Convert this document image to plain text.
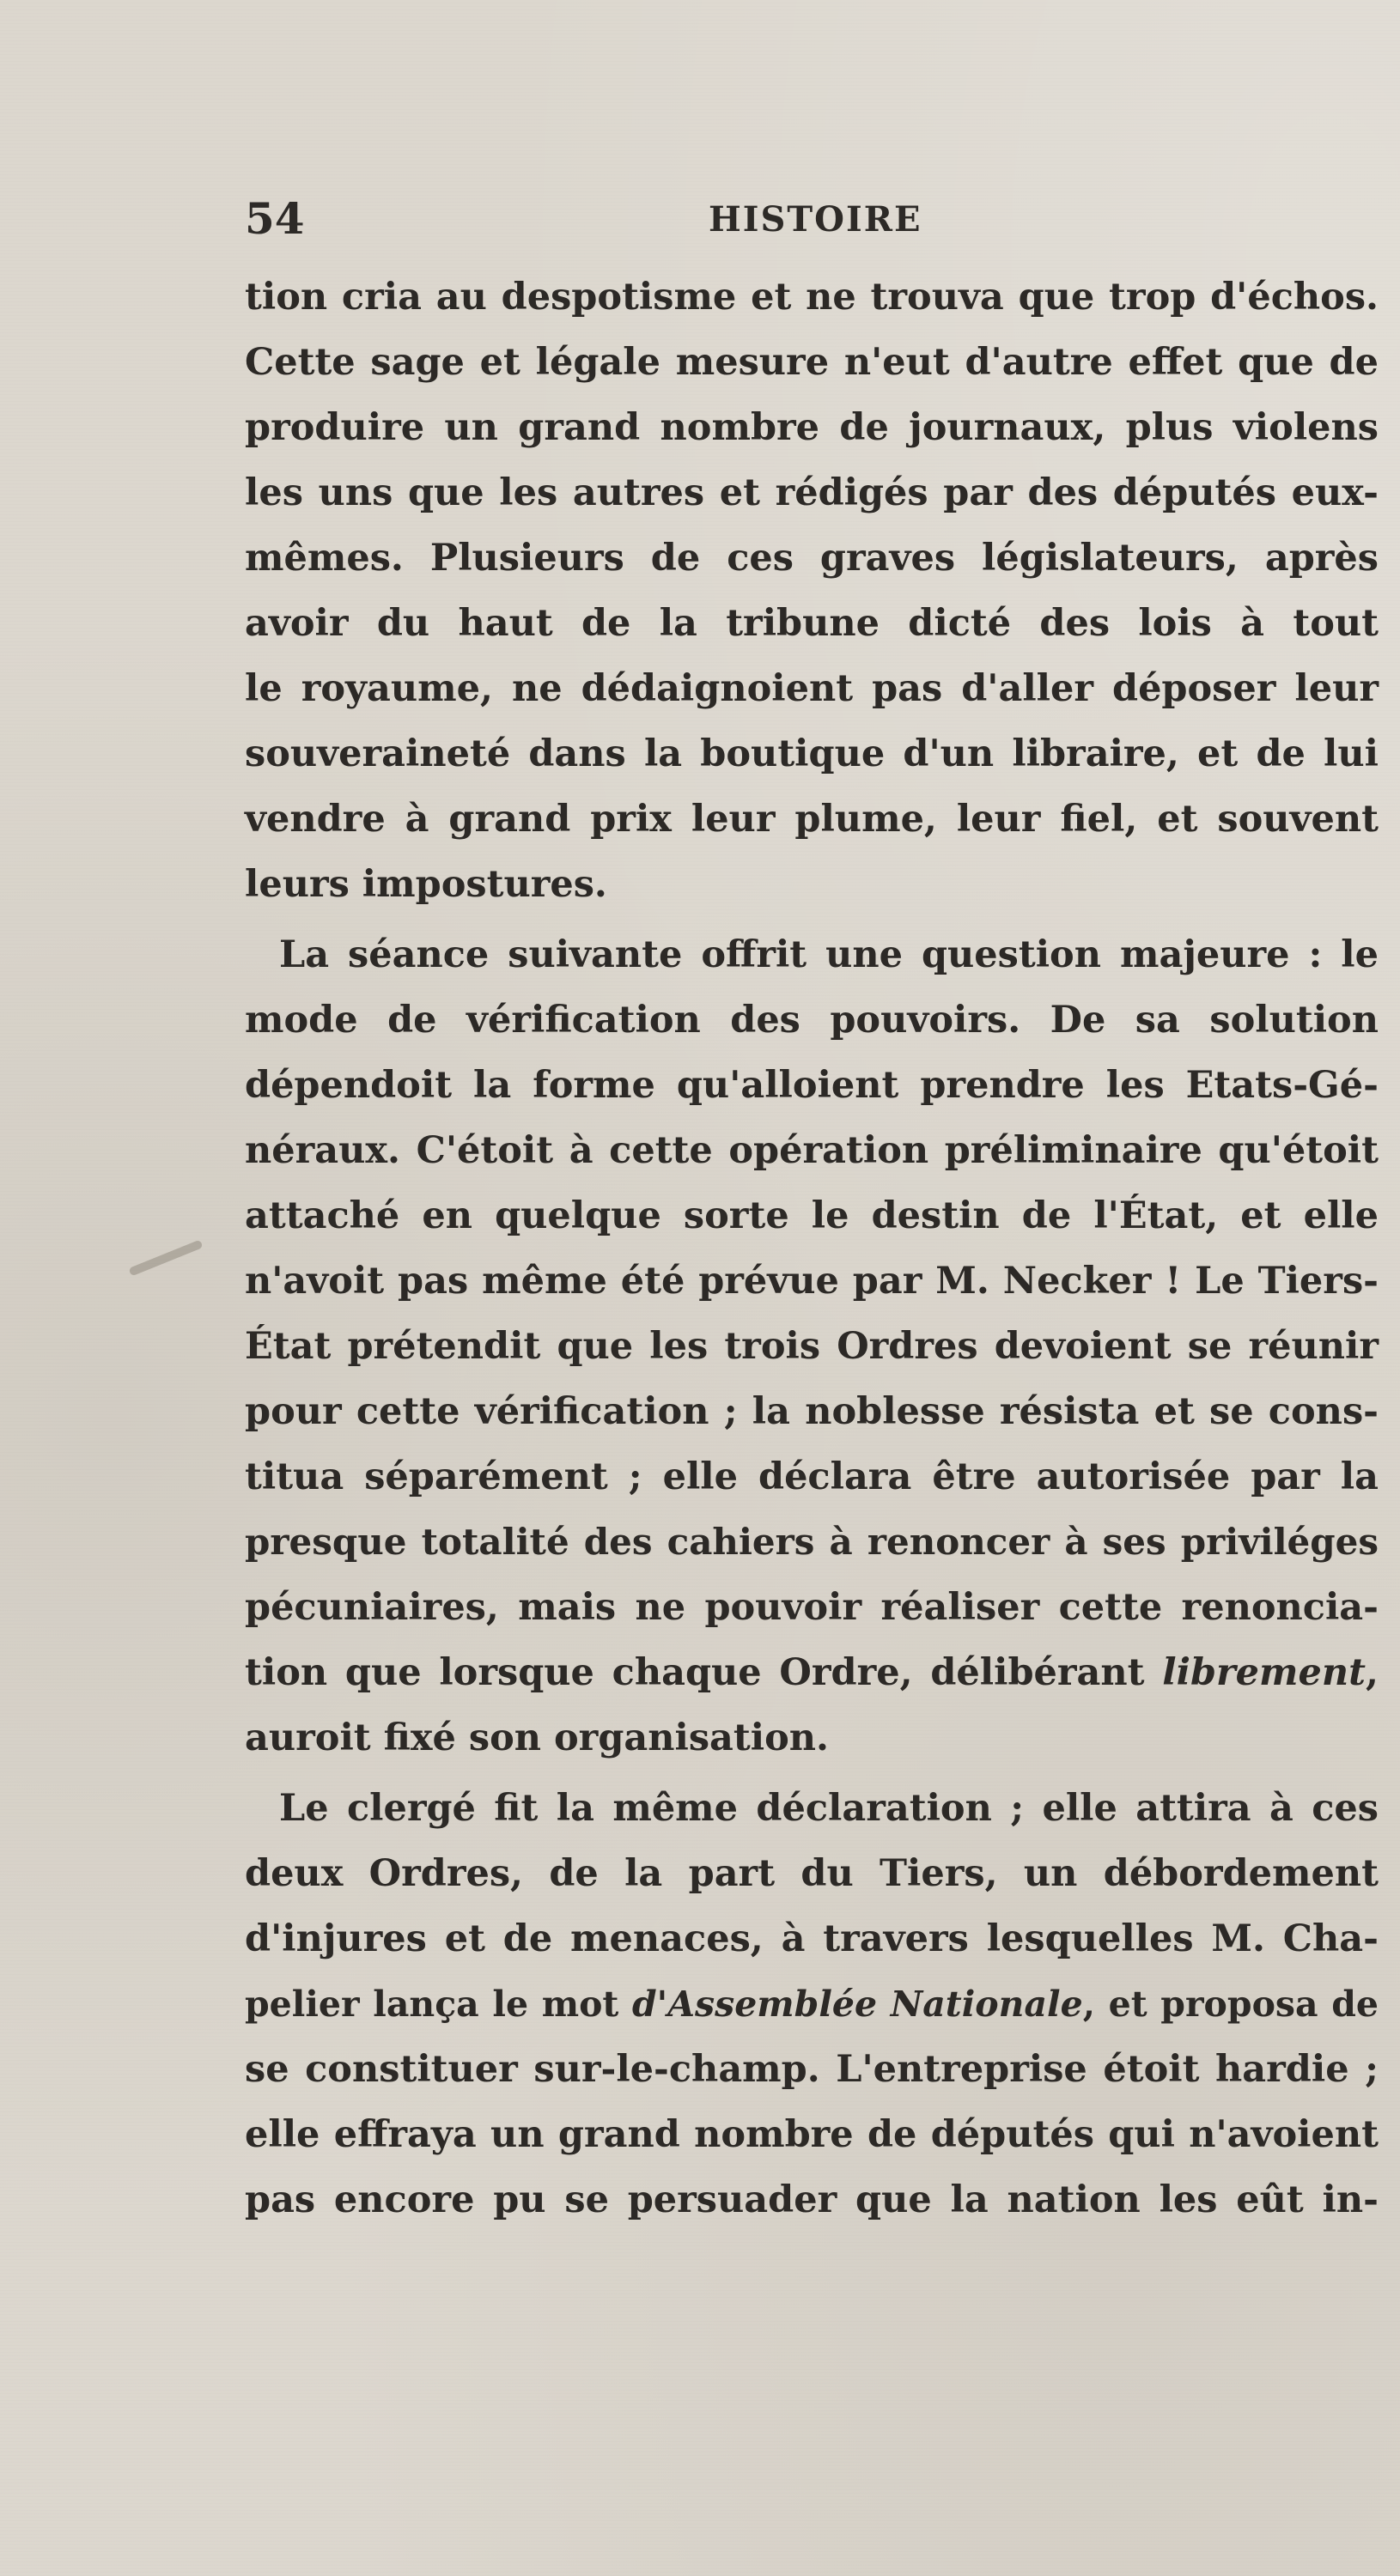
54	HISTOIRE
tion cria au despotisme et ne trouva que trop d'échos.
Cette sage et légale mesure n'eut d'autre effet que de
produire un grand nombre de journaux, plus violens
les uns que les autres et rédigés par des députés eux-
mêmes. Plusieurs de ces graves législateurs, après
avoir du haut de la tribune dicté des lois à tout
le royaume, ne dédaignoient pas d'aller déposer leur
souveraineté dans la boutique d'un libraire, et de lui
vendre à grand prix leur plume, leur fiel, et souvent
leurs impostures.
La séance suivante offrit une question majeure : le
mode de vérification des pouvoirs. De sa solution
dépendoit la forme qu'alloient prendre les Etats-Gé-
néraux. C'étoit à cette opération préliminaire qu'étoit
attaché en quelque sorte le destin de l'État, et elle
n'avoit pas même été prévue par M. Necker ! Le Tiers-
État prétendit que les trois Ordres devoient se réunir
pour cette vérification ; la noblesse résista et se cons-
titua séparément ; elle déclara être autorisée par la
presque totalité des cahiers à renoncer à ses priviléges
pécuniaires, mais ne pouvoir réaliser cette renoncia-
tion que lorsque chaque Ordre, délibérant librement,
auroit fixé son organisation.
Le clergé fit la même déclaration ; elle attira à ces
deux Ordres, de la part du Tiers, un débordement
d'injures et de menaces, à travers lesquelles M. Cha-
pelier lança le mot d'Assemblée Nationale, et proposa de
se constituer sur-le-champ. L'entreprise étoit hardie ;
elle effraya un grand nombre de députés qui n'avoient
pas encore pu se persuader que la nation les eût in-
